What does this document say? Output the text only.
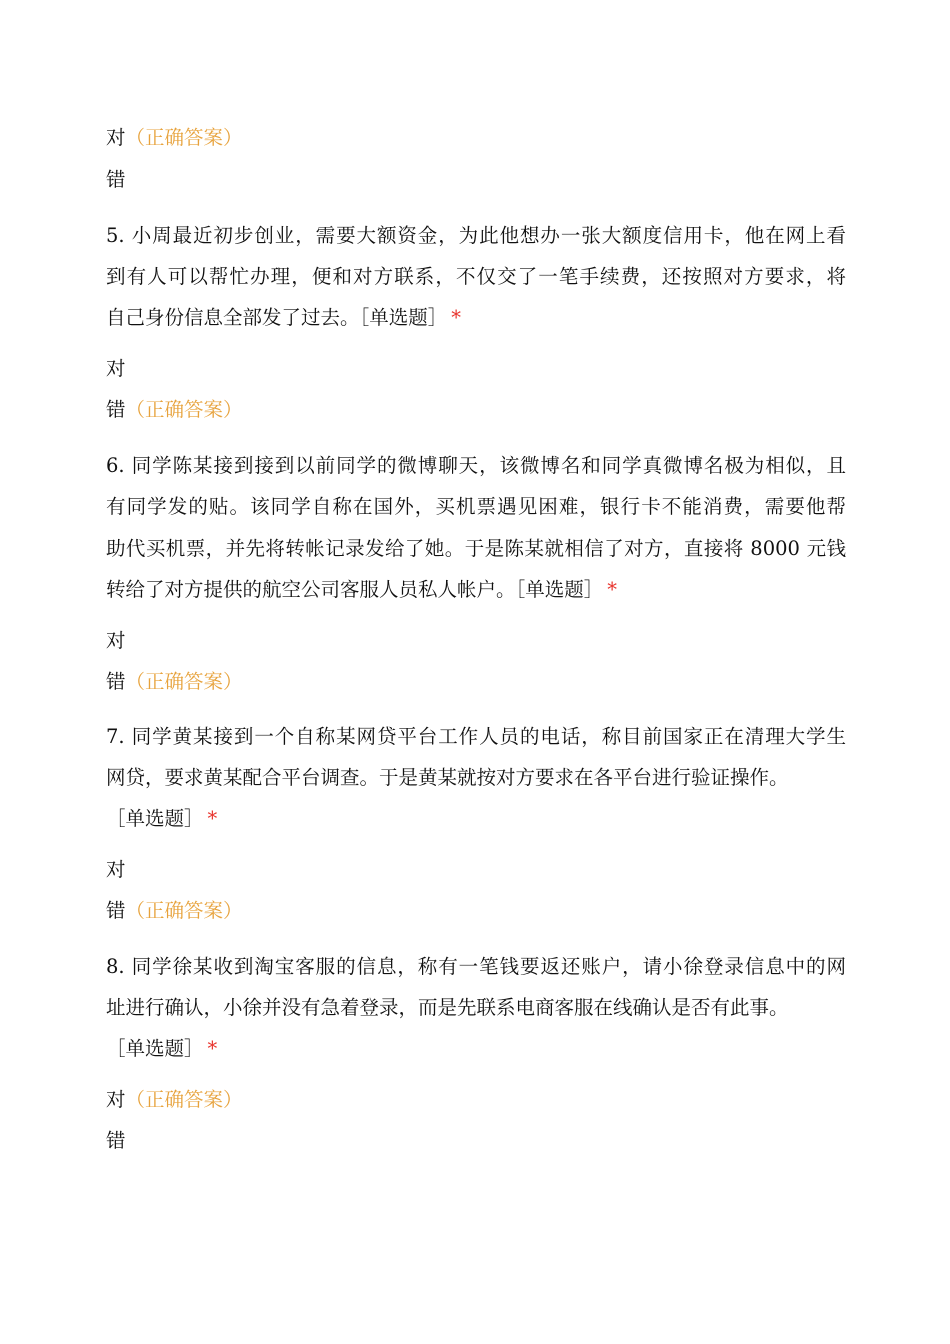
对（正确答案）
错
5. 小周最近初步创业，需要大额资金，为此他想办一张大额度信用卡，他在网上看
到有人可以帮忙办理，便和对方联系，不仅交了一笔手续费，还按照对方要求，将
自己身份信息全部发了过去。［单选题］ *
对
错（正确答案）
6. 同学陈某接到接到以前同学的微博聊天，该微博名和同学真微博名极为相似，且
有同学发的贴。该同学自称在国外，买机票遇见困难，银行卡不能消费，需要他帮
助代买机票，并先将转帐记录发给了她。于是陈某就相信了对方，直接将 8000 元钱
转给了对方提供的航空公司客服人员私人帐户。［单选题］ *
对
错（正确答案）
7. 同学黄某接到一个自称某网贷平台工作人员的电话，称目前国家正在清理大学生
网贷，要求黄某配合平台调查。于是黄某就按对方要求在各平台进行验证操作。
［单选题］ *
对
错（正确答案）
8. 同学徐某收到淘宝客服的信息，称有一笔钱要返还账户，请小徐登录信息中的网
址进行确认，小徐并没有急着登录，而是先联系电商客服在线确认是否有此事。
［单选题］ *
对（正确答案）
错
